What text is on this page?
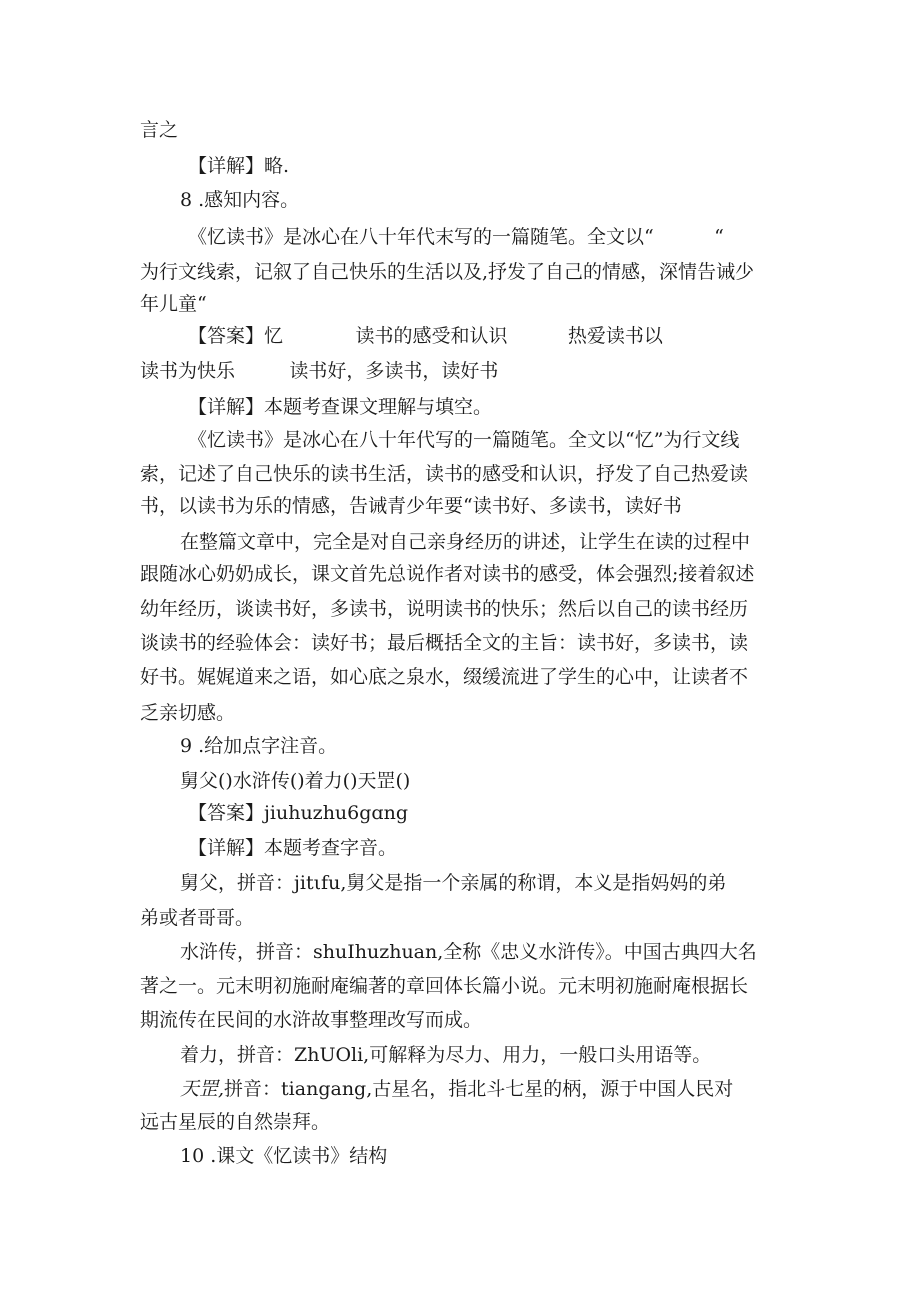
言之
【详解】略.
8 .感知内容。
《忆读书》是冰心在八十年代末写的一篇随笔。全文以“          “
为行文线索，记叙了自己快乐的生活以及,抒发了自己的情感，深情告诫少
年儿童“
【答案】忆            读书的感受和认识          热爱读书以
读书为快乐         读书好，多读书，读好书
【详解】本题考查课文理解与填空。
《忆读书》是冰心在八十年代写的一篇随笔。全文以“忆”为行文线
索，记述了自己快乐的读书生活，读书的感受和认识，抒发了自己热爱读
书，以读书为乐的情感，告诫青少年要“读书好、多读书，读好书
在整篇文章中，完全是对自己亲身经历的讲述，让学生在读的过程中
跟随冰心奶奶成长，课文首先总说作者对读书的感受，体会强烈;接着叙述
幼年经历，谈读书好，多读书，说明读书的快乐；然后以自己的读书经历
谈读书的经验体会：读好书；最后概括全文的主旨：读书好，多读书，读
好书。娓娓道来之语，如心底之泉水，缀缓流进了学生的心中，让读者不
乏亲切感。
9 .给加点字注音。
舅父()水浒传()着力()天罡()
【答案】jiuhuzhu6gɑng
【详解】本题考查字音。
舅父，拼音：jitιfu,舅父是指一个亲属的称谓，本义是指妈妈的弟
弟或者哥哥。
水浒传，拼音：shuIhuzhuan,全称《忠义水浒传》。中国古典四大名
著之一。元末明初施耐庵编著的章回体长篇小说。元末明初施耐庵根据长
期流传在民间的水浒故事整理改写而成。
着力，拼音：ZhUOli,可解释为尽力、用力，一般口头用语等。
天罡,拼音：tiangang,古星名，指北斗七星的柄，源于中国人民对
远古星辰的自然崇拜。
10 .课文《忆读书》结构
